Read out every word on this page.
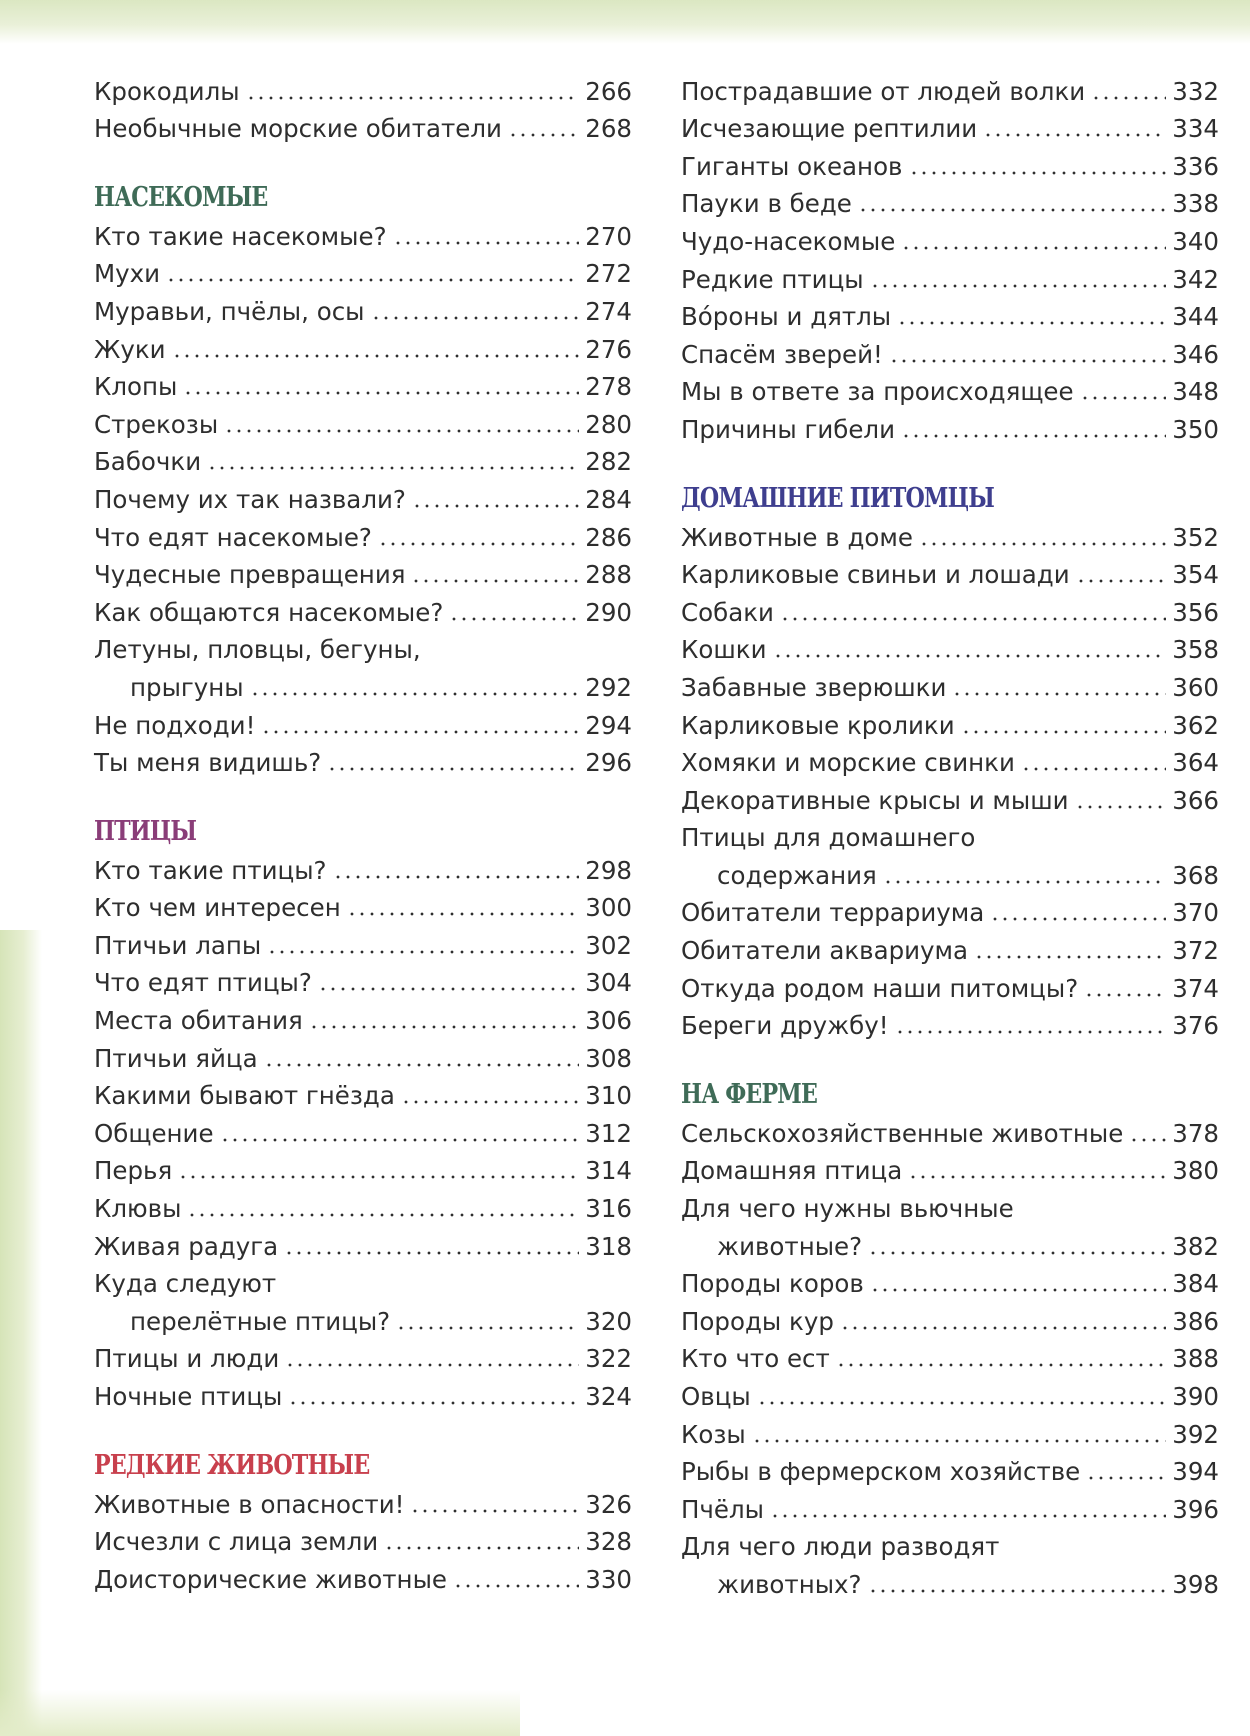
Крокодилы	266
Необычные морские обитатели	268
НАСЕКОМЫЕ
Кто такие насекомые?	270
Мухи	272
Муравьи, пчёлы, осы	274
Жуки	276
Клопы	278
Стрекозы	280
Бабочки	282
Почему их так назвали?	284
Что едят насекомые?	286
Чудесные превращения	288
Как общаются насекомые?	290
Летуны, пловцы, бегуны,
прыгуны	292
Не подходи!	294
Ты меня видишь?	296
ПТИЦЫ
Кто такие птицы?	298
Кто чем интересен	300
Птичьи лапы	302
Что едят птицы?	304
Места обитания	306
Птичьи яйца	308
Какими бывают гнёзда	310
Общение	312
Перья	314
Клювы	316
Живая радуга	318
Куда следуют
перелётные птицы?	320
Птицы и люди	322
Ночные птицы	324
РЕДКИЕ ЖИВОТНЫЕ
Животные в опасности!	326
Исчезли с лица земли	328
Доисторические животные	330
Пострадавшие от людей волки	332
Исчезающие рептилии	334
Гиганты океанов	336
Пауки в беде	338
Чудо-насекомые	340
Редкие птицы	342
Во́роны и дятлы	344
Спасём зверей!	346
Мы в ответе за происходящее	348
Причины гибели	350
ДОМАШНИЕ ПИТОМЦЫ
Животные в доме	352
Карликовые свиньи и лошади	354
Собаки	356
Кошки	358
Забавные зверюшки	360
Карликовые кролики	362
Хомяки и морские свинки	364
Декоративные крысы и мыши	366
Птицы для домашнего
содержания	368
Обитатели террариума	370
Обитатели аквариума	372
Откуда родом наши питомцы?	374
Береги дружбу!	376
НА ФЕРМЕ
Сельскохозяйственные животные 378
Домашняя птица	380
Для чего нужны вьючные
животные?	382
Породы коров	384
Породы кур	386
Кто что ест	388
Овцы	390
Козы	392
Рыбы в фермерском хозяйстве	394
Пчёлы	396
Для чего люди разводят
животных?	398
